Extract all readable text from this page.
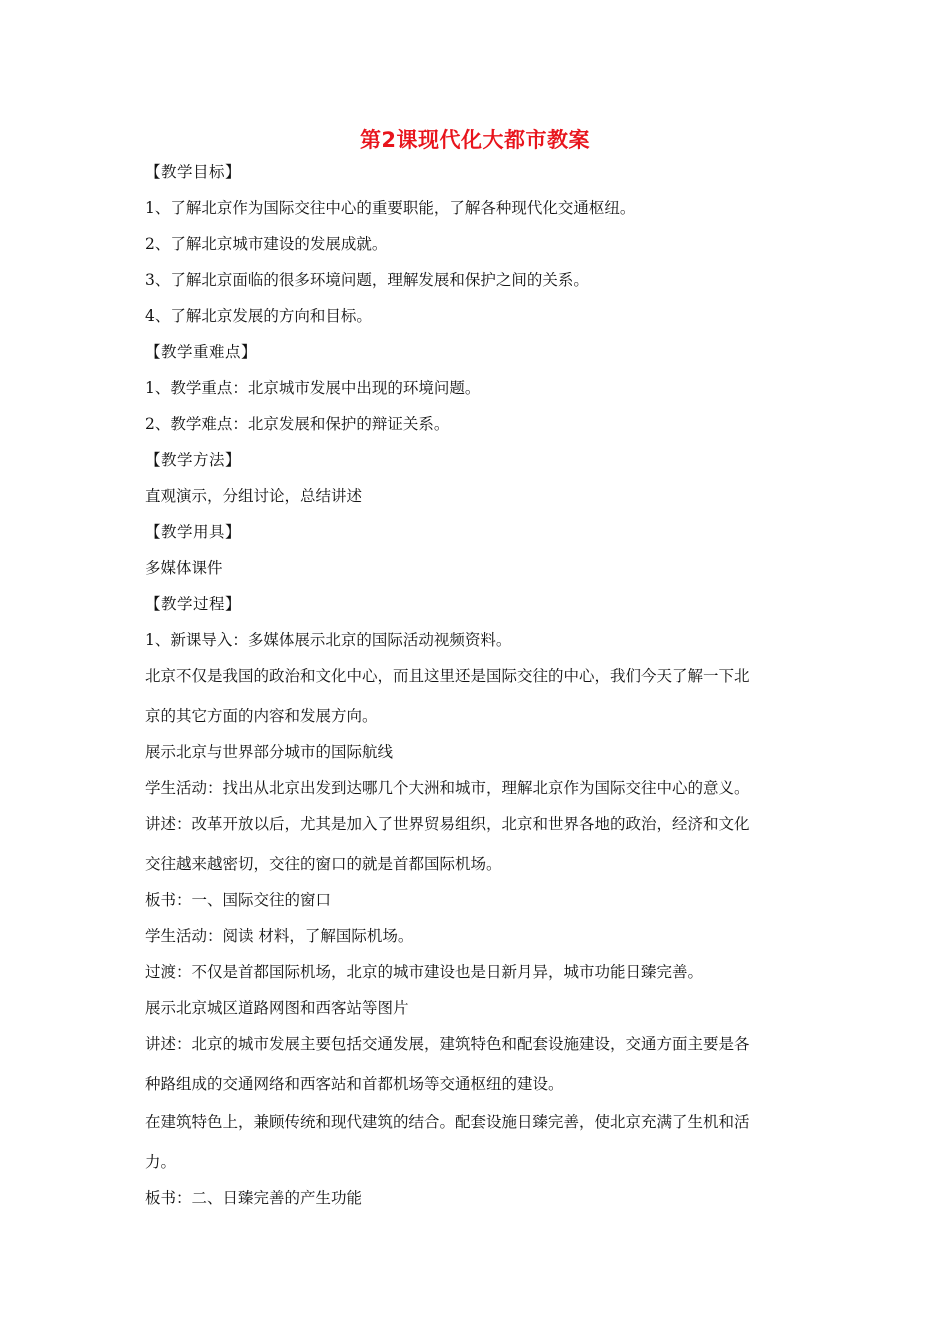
第2课现代化大都市教案
【教学目标】
1、了解北京作为国际交往中心的重要职能，了解各种现代化交通枢纽。
2、了解北京城市建设的发展成就。
3、了解北京面临的很多环境问题，理解发展和保护之间的关系。
4、了解北京发展的方向和目标。
【教学重难点】
1、教学重点：北京城市发展中出现的环境问题。
2、教学难点：北京发展和保护的辩证关系。
【教学方法】
直观演示，分组讨论，总结讲述
【教学用具】
多媒体课件
【教学过程】
1、新课导入：多媒体展示北京的国际活动视频资料。
北京不仅是我国的政治和文化中心，而且这里还是国际交往的中心，我们今天了解一下北
京的其它方面的内容和发展方向。
展示北京与世界部分城市的国际航线
学生活动：找出从北京出发到达哪几个大洲和城市，理解北京作为国际交往中心的意义。
讲述：改革开放以后，尤其是加入了世界贸易组织，北京和世界各地的政治，经济和文化
交往越来越密切，交往的窗口的就是首都国际机场。
板书：一、国际交往的窗口
学生活动：阅读 材料，了解国际机场。
过渡：不仅是首都国际机场，北京的城市建设也是日新月异，城市功能日臻完善。
展示北京城区道路网图和西客站等图片
讲述：北京的城市发展主要包括交通发展，建筑特色和配套设施建设，交通方面主要是各
种路组成的交通网络和西客站和首都机场等交通枢纽的建设。
在建筑特色上，兼顾传统和现代建筑的结合。配套设施日臻完善，使北京充满了生机和活
力。
板书：二、日臻完善的产生功能
